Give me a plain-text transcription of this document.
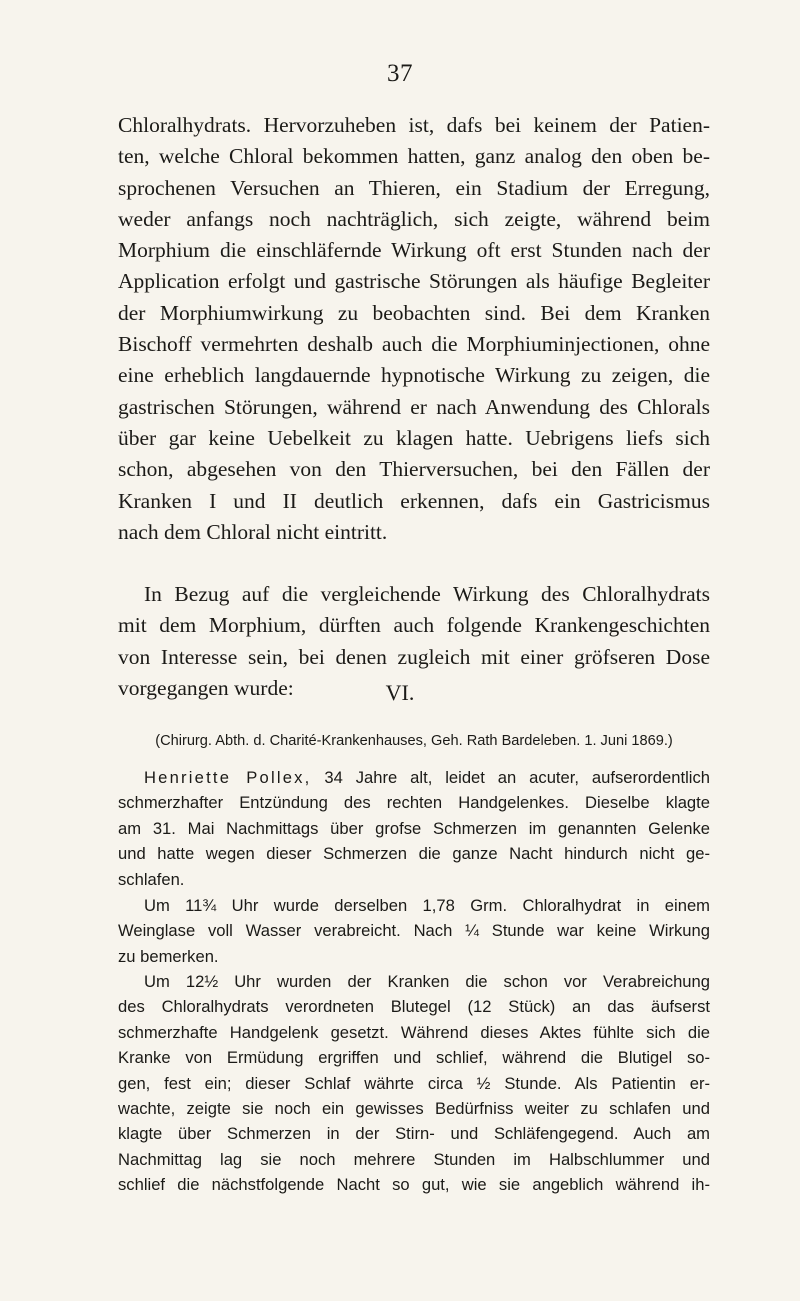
37
Chloralhydrats. Hervorzuheben ist, dafs bei keinem der Patien-
ten, welche Chloral bekommen hatten, ganz analog den oben be-
sprochenen Versuchen an Thieren, ein Stadium der Erregung,
weder anfangs noch nachträglich, sich zeigte, während beim
Morphium die einschläfernde Wirkung oft erst Stunden nach der
Application erfolgt und gastrische Störungen als häufige Begleiter
der Morphiumwirkung zu beobachten sind. Bei dem Kranken
Bischoff vermehrten deshalb auch die Morphiuminjectionen, ohne
eine erheblich langdauernde hypnotische Wirkung zu zeigen, die
gastrischen Störungen, während er nach Anwendung des Chlorals
über gar keine Uebelkeit zu klagen hatte. Uebrigens liefs sich
schon, abgesehen von den Thierversuchen, bei den Fällen der
Kranken I und II deutlich erkennen, dafs ein Gastricismus
nach dem Chloral nicht eintritt.
In Bezug auf die vergleichende Wirkung des Chloralhydrats
mit dem Morphium, dürften auch folgende Krankengeschichten
von Interesse sein, bei denen zugleich mit einer gröfseren Dose
vorgegangen wurde:	VI.
(Chirurg. Abth. d. Charité-Krankenhauses, Geh. Rath Bardeleben. 1. Juni 1869.)
Henriette Pollex, 34 Jahre alt, leidet an acuter, aufserordentlich
schmerzhafter Entzündung des rechten Handgelenkes. Dieselbe klagte
am 31. Mai Nachmittags über grofse Schmerzen im genannten Gelenke
und hatte wegen dieser Schmerzen die ganze Nacht hindurch nicht ge-
schlafen.
Um 11¾ Uhr wurde derselben 1,78 Grm. Chloralhydrat in einem
Weinglase voll Wasser verabreicht. Nach ¼ Stunde war keine Wirkung
zu bemerken.
Um 12½ Uhr wurden der Kranken die schon vor Verabreichung
des Chloralhydrats verordneten Blutegel (12 Stück) an das äufserst
schmerzhafte Handgelenk gesetzt. Während dieses Aktes fühlte sich die
Kranke von Ermüdung ergriffen und schlief, während die Blutigel so-
gen, fest ein; dieser Schlaf währte circa ½ Stunde. Als Patientin er-
wachte, zeigte sie noch ein gewisses Bedürfniss weiter zu schlafen und
klagte über Schmerzen in der Stirn- und Schläfengegend. Auch am
Nachmittag lag sie noch mehrere Stunden im Halbschlummer und
schlief die nächstfolgende Nacht so gut, wie sie angeblich während ih-
